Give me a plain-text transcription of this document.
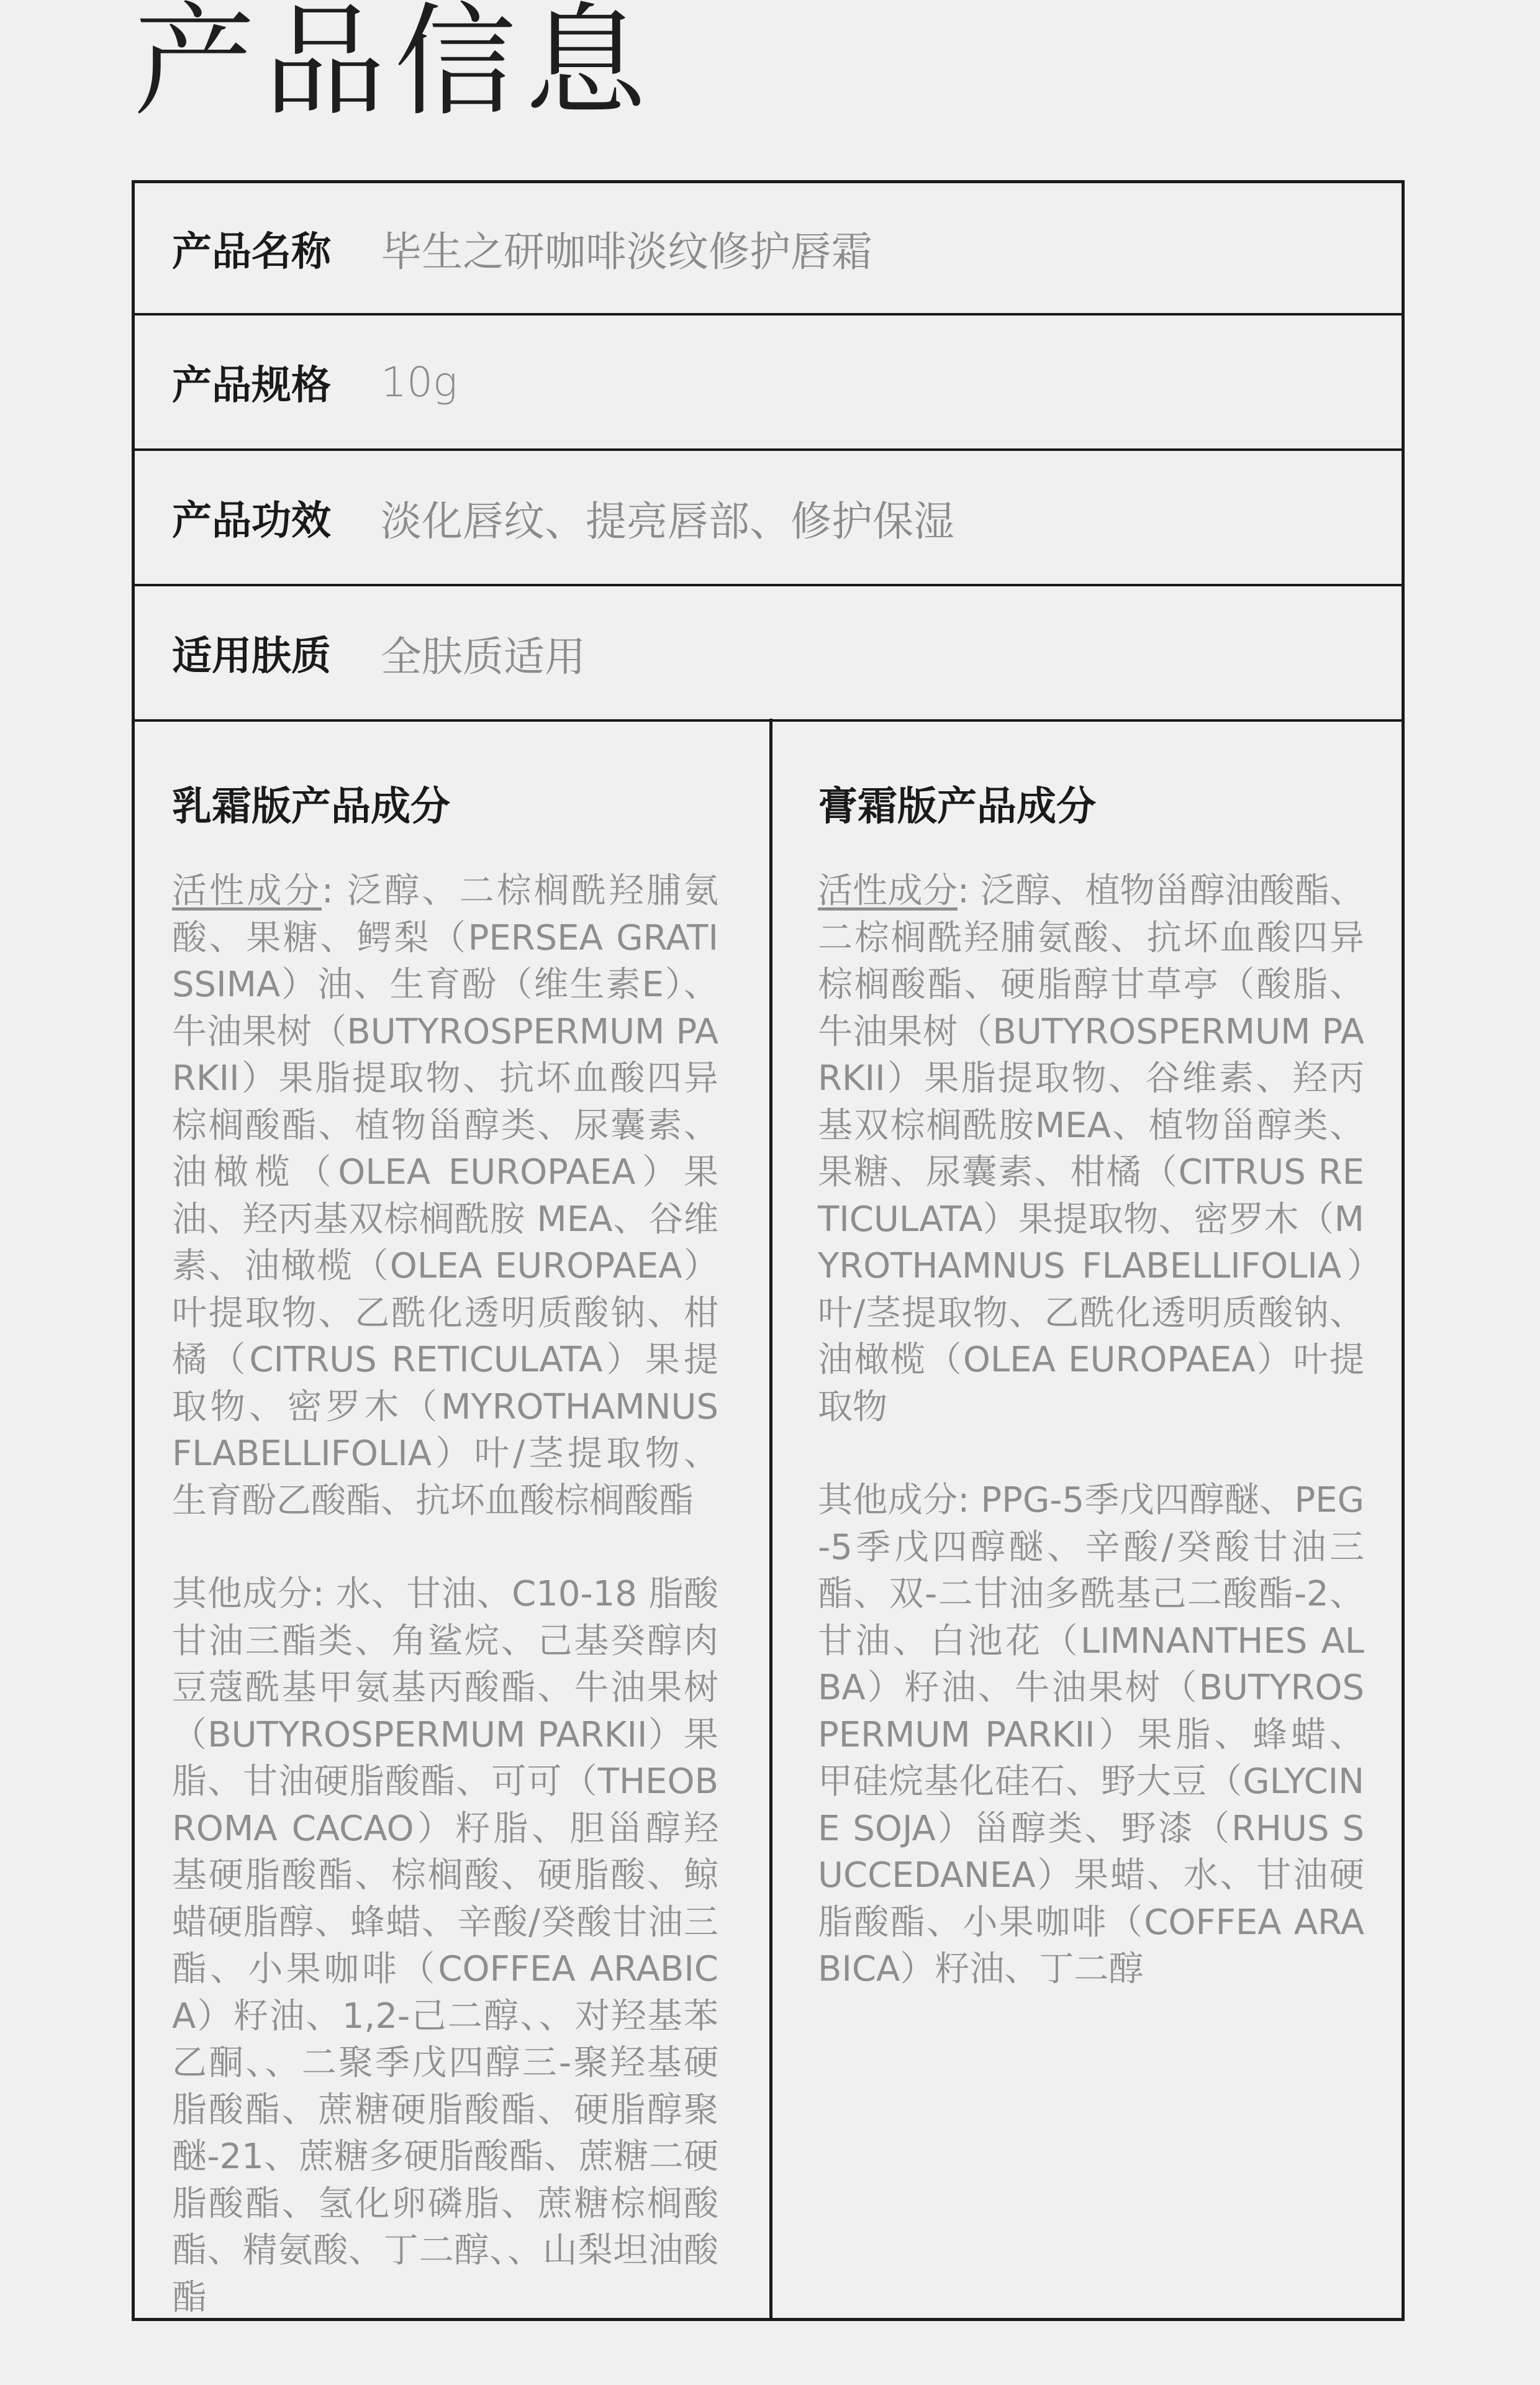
产品信息
产品名称 毕生之研咖啡淡纹修护唇霜
产品规格 10g
产品功效 淡化唇纹、提亮唇部、修护保湿
适用肤质 全肤质适用
乳霜版产品成分

活性成分: 泛醇、二棕榈酰羟脯氨酸、果糖、鳄梨（PERSEA GRATISSIMA）油、生育酚（维生素E）、牛油果树（BUTYROSPERMUM PARKII）果脂提取物、抗坏血酸四异棕榈酸酯、植物甾醇类、尿囊素、油橄榄（OLEA EUROPAEA）果油、羟丙基双棕榈酰胺 MEA、谷维素、油橄榄（OLEA EUROPAEA）叶提取物、乙酰化透明质酸钠、柑橘（CITRUS RETICULATA）果提取物、密罗木（MYROTHAMNUS FLABELLIFOLIA）叶/茎提取物、生育酚乙酸酯、抗坏血酸棕榈酸酯

其他成分: 水、甘油、C10-18 脂酸甘油三酯类、角鲨烷、己基癸醇肉豆蔻酰基甲氨基丙酸酯、牛油果树（BUTYROSPERMUM PARKII）果脂、甘油硬脂酸酯、可可（THEOBROMA CACAO）籽脂、胆甾醇羟基硬脂酸酯、棕榈酸、硬脂酸、鲸蜡硬脂醇、蜂蜡、辛酸/癸酸甘油三酯、小果咖啡（COFFEA ARABICA）籽油、1,2-己二醇、、对羟基苯乙酮、、二聚季戊四醇三-聚羟基硬脂酸酯、蔗糖硬脂酸酯、硬脂醇聚醚-21、蔗糖多硬脂酸酯、蔗糖二硬脂酸酯、氢化卵磷脂、蔗糖棕榈酸酯、精氨酸、丁二醇、、山梨坦油酸酯

膏霜版产品成分

活性成分: 泛醇、植物甾醇油酸酯、二棕榈酰羟脯氨酸、抗坏血酸四异棕榈酸酯、硬脂醇甘草亭（酸脂、牛油果树（BUTYROSPERMUM PARKII）果脂提取物、谷维素、羟丙基双棕榈酰胺MEA、植物甾醇类、果糖、尿囊素、柑橘（CITRUS RETICULATA）果提取物、密罗木（MYROTHAMNUS FLABELLIFOLIA）叶/茎提取物、乙酰化透明质酸钠、油橄榄（OLEA EUROPAEA）叶提取物

其他成分: PPG-5季戊四醇醚、PEG-5季戊四醇醚、辛酸/癸酸甘油三酯、双-二甘油多酰基己二酸酯-2、甘油、白池花（LIMNANTHES ALBA）籽油、牛油果树（BUTYROSPERMUM PARKII）果脂、蜂蜡、甲硅烷基化硅石、野大豆（GLYCINE SOJA）甾醇类、野漆（RHUS SUCCEDANEA）果蜡、水、甘油硬脂酸酯、小果咖啡（COFFEA ARABICA）籽油、丁二醇
